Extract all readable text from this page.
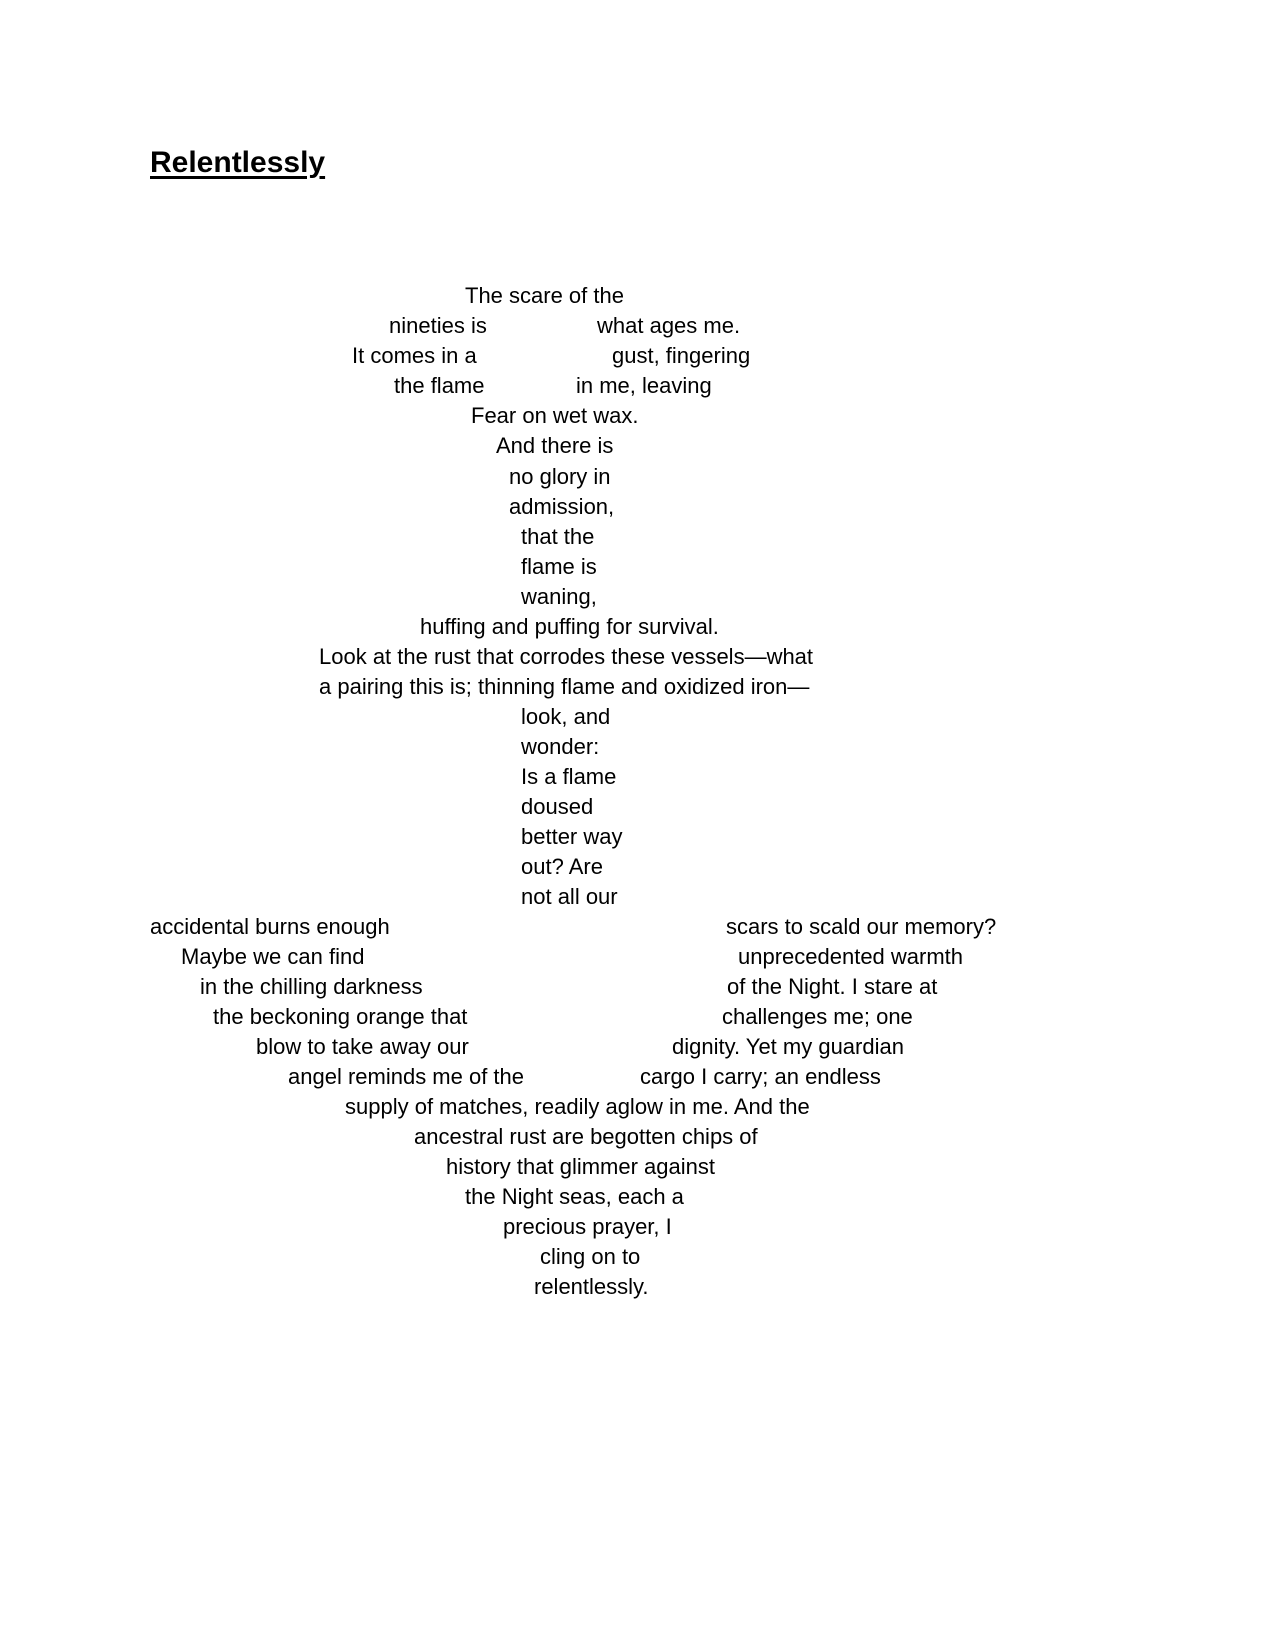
Relentlessly
The scare of the
nineties is	what ages me.
It comes in a	gust, fingering
the flame	in me, leaving
Fear on wet wax.
And there is
no glory in
admission,
that the
flame is
waning,
huffing and puffing for survival.
Look at the rust that corrodes these vessels—what
a pairing this is; thinning flame and oxidized iron—
look, and
wonder:
Is a flame
doused
better way
out? Are
not all our
accidental burns enough	scars to scald our memory?
Maybe we can find	unprecedented warmth
in the chilling darkness	of the Night. I stare at
the beckoning orange that	challenges me; one
blow to take away our	dignity. Yet my guardian
angel reminds me of the	cargo I carry; an endless
supply of matches, readily aglow in me. And the
ancestral rust are begotten chips of
history that glimmer against
the Night seas, each a
precious prayer, I
cling on to
relentlessly.
